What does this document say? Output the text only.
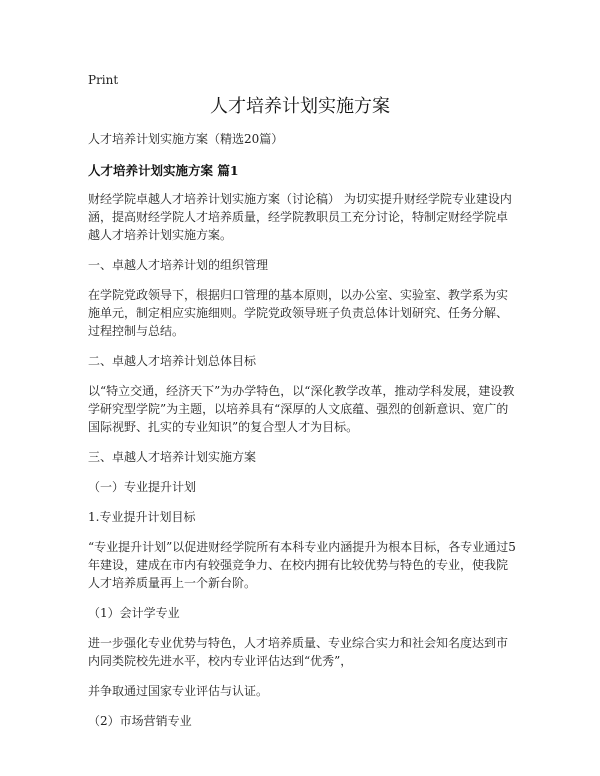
Print
人才培养计划实施方案

人才培养计划实施方案（精选20篇）

人才培养计划实施方案 篇1

财经学院卓越人才培养计划实施方案（讨论稿） 为切实提升财经学院专业建设内涵，提高财经学院人才培养质量，经学院教职员工充分讨论，特制定财经学院卓越人才培养计划实施方案。

一、卓越人才培养计划的组织管理

在学院党政领导下，根据归口管理的基本原则，以办公室、实验室、教学系为实施单元，制定相应实施细则。学院党政领导班子负责总体计划研究、任务分解、过程控制与总结。

二、卓越人才培养计划总体目标

以“特立交通，经济天下”为办学特色，以“深化教学改革，推动学科发展，建设教学研究型学院”为主题，以培养具有“深厚的人文底蕴、强烈的创新意识、宽广的国际视野、扎实的专业知识”的复合型人才为目标。

三、卓越人才培养计划实施方案

（一）专业提升计划

1.专业提升计划目标

“专业提升计划”以促进财经学院所有本科专业内涵提升为根本目标，各专业通过5年建设，建成在市内有较强竞争力、在校内拥有比较优势与特色的专业，使我院人才培养质量再上一个新台阶。

（1）会计学专业

进一步强化专业优势与特色，人才培养质量、专业综合实力和社会知名度达到市内同类院校先进水平，校内专业评估达到“优秀”，

并争取通过国家专业评估与认证。

（2）市场营销专业
